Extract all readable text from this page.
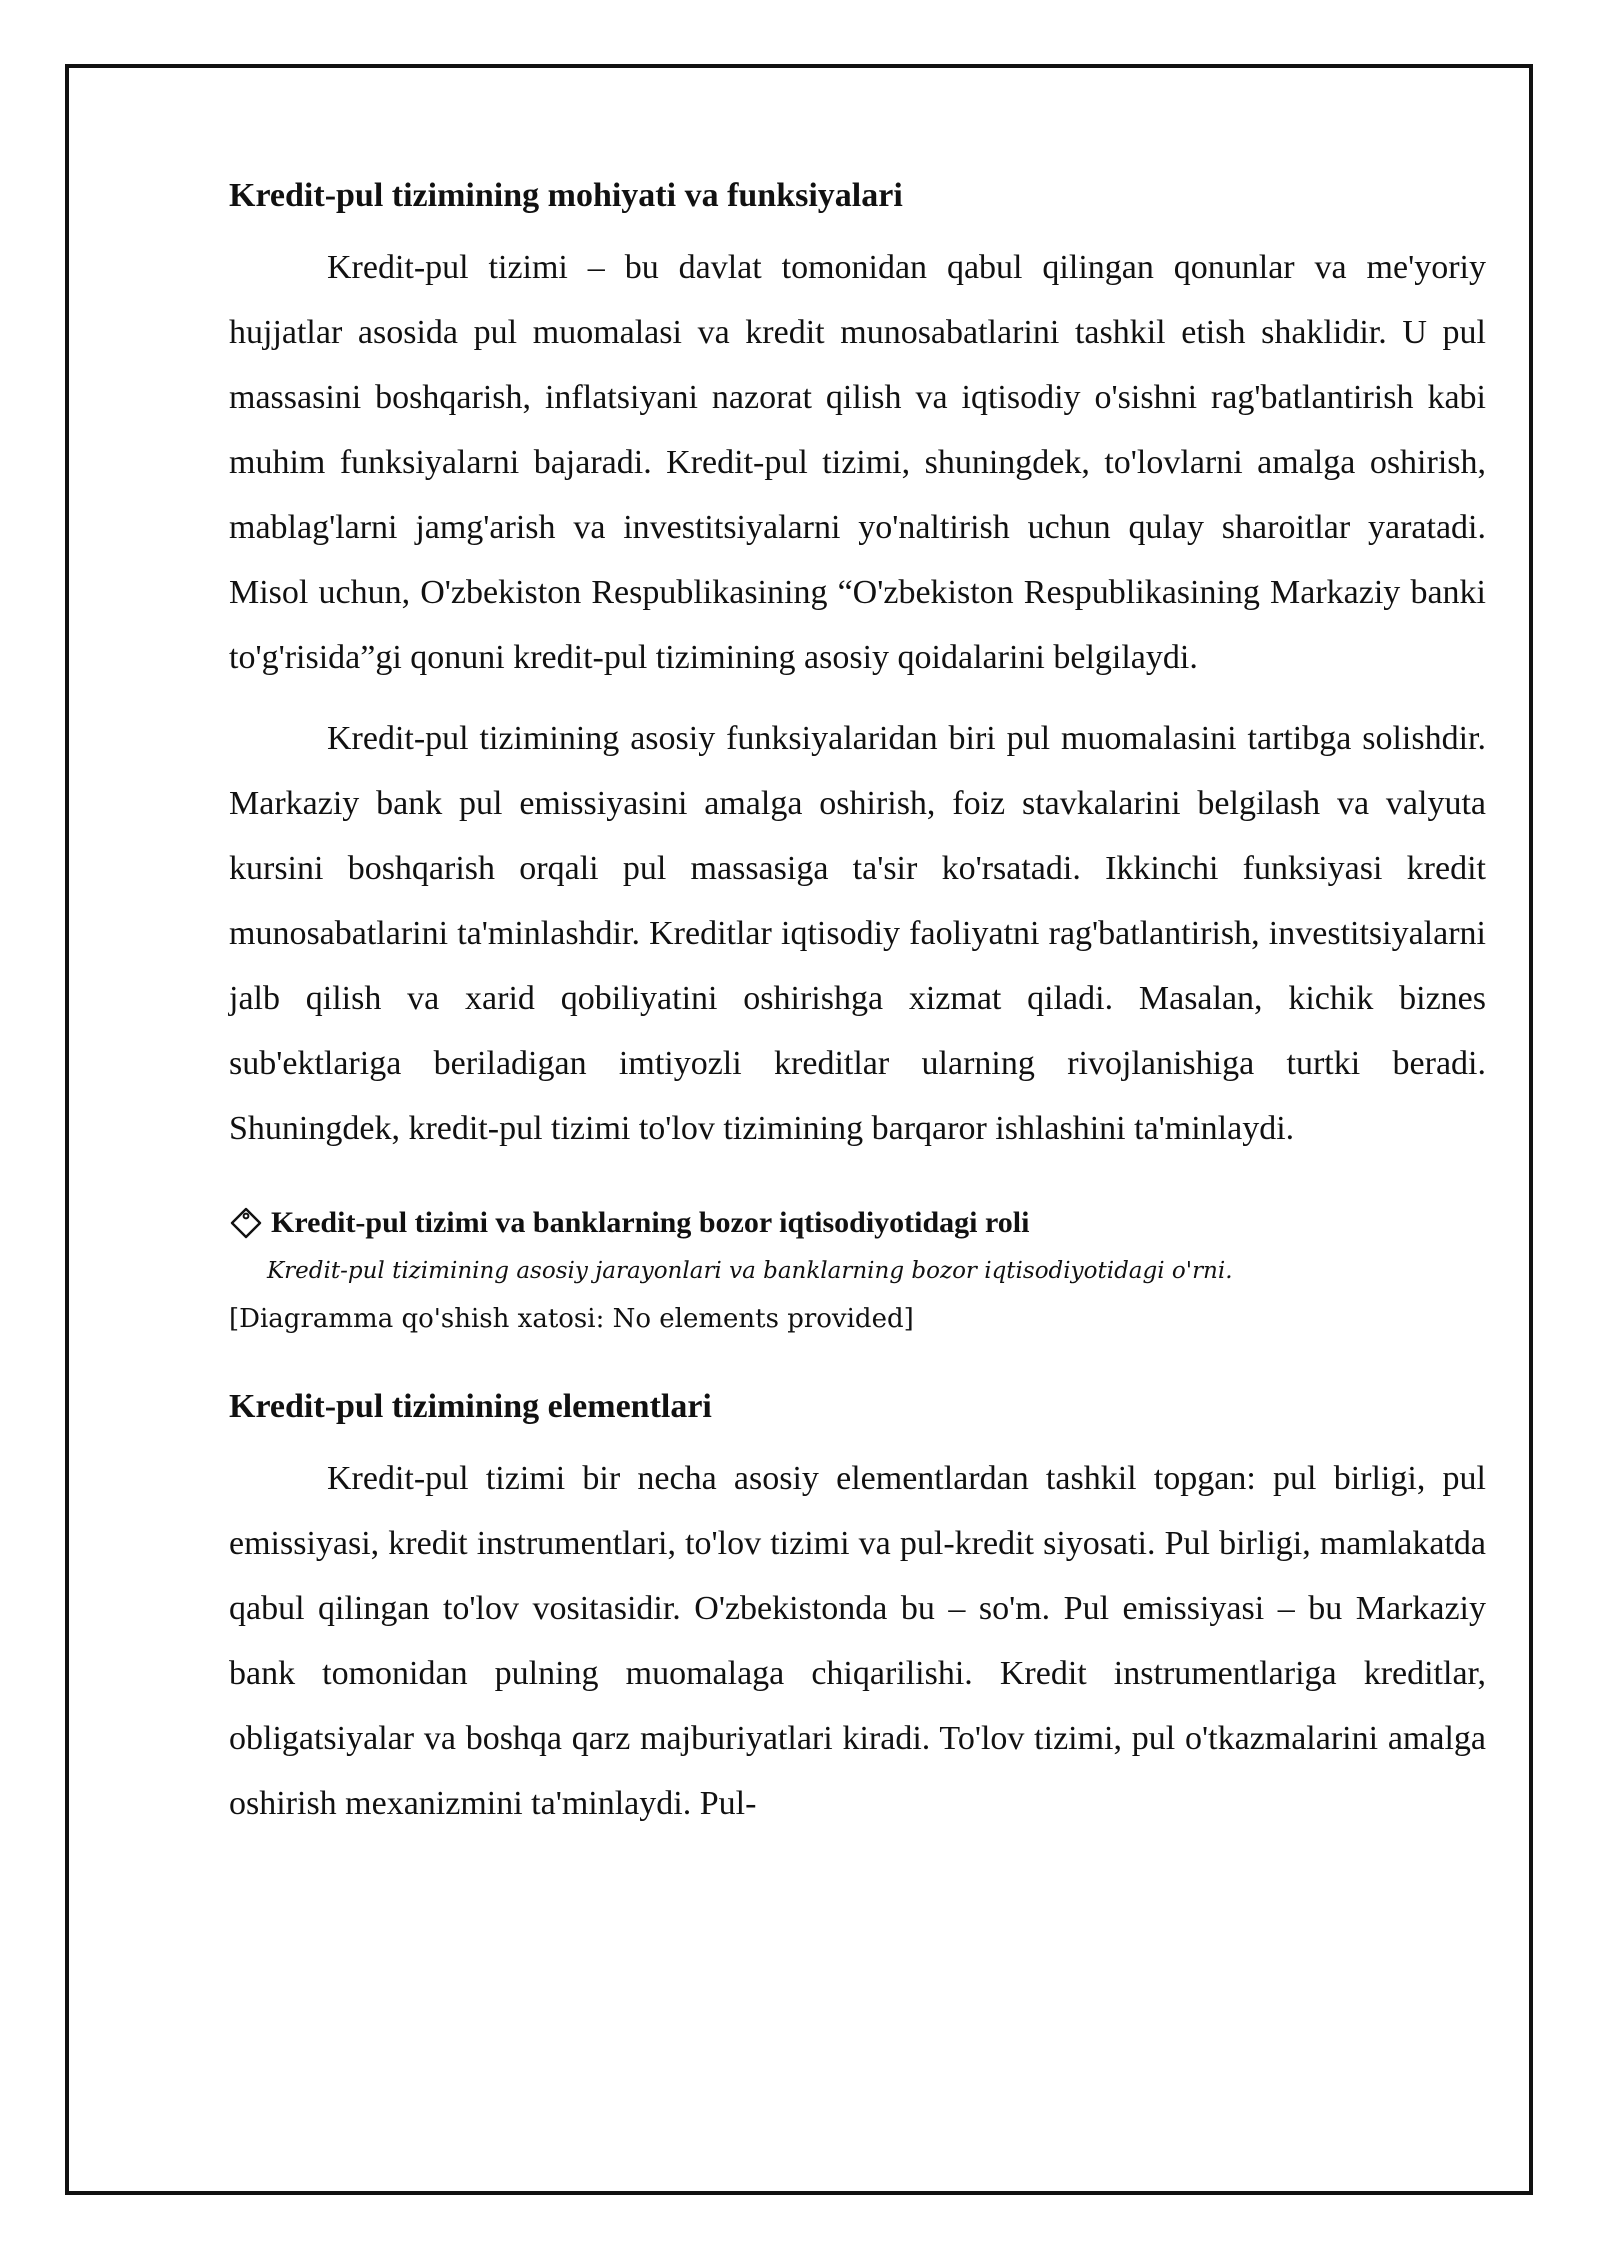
Kredit-pul tizimining mohiyati va funksiyalari

Kredit-pul tizimi – bu davlat tomonidan qabul qilingan qonunlar va me'yoriy hujjatlar asosida pul muomalasi va kredit munosabatlarini tashkil etish shaklidir. U pul massasini boshqarish, inflatsiyani nazorat qilish va iqtisodiy o'sishni rag'batlantirish kabi muhim funksiyalarni bajaradi. Kredit-pul tizimi, shuningdek, to'lovlarni amalga oshirish, mablag'larni jamg'arish va investitsiyalarni yo'naltirish uchun qulay sharoitlar yaratadi. Misol uchun, O'zbekiston Respublikasining “O'zbekiston Respublikasining Markaziy banki to'g'risida”gi qonuni kredit-pul tizimining asosiy qoidalarini belgilaydi.

Kredit-pul tizimining asosiy funksiyalaridan biri pul muomalasini tartibga solishdir. Markaziy bank pul emissiyasini amalga oshirish, foiz stavkalarini belgilash va valyuta kursini boshqarish orqali pul massasiga ta'sir ko'rsatadi. Ikkinchi funksiyasi kredit munosabatlarini ta'minlashdir. Kreditlar iqtisodiy faoliyatni rag'batlantirish, investitsiyalarni jalb qilish va xarid qobiliyatini oshirishga xizmat qiladi. Masalan, kichik biznes sub'ektlariga beriladigan imtiyozli kreditlar ularning rivojlanishiga turtki beradi. Shuningdek, kredit-pul tizimi to'lov tizimining barqaror ishlashini ta'minlaydi.

Kredit-pul tizimi va banklarning bozor iqtisodiyotidagi roli
Kredit-pul tizimining asosiy jarayonlari va banklarning bozor iqtisodiyotidagi o'rni.
[Diagramma qo'shish xatosi: No elements provided]
Kredit-pul tizimining elementlari

Kredit-pul tizimi bir necha asosiy elementlardan tashkil topgan: pul birligi, pul emissiyasi, kredit instrumentlari, to'lov tizimi va pul-kredit siyosati. Pul birligi, mamlakatda qabul qilingan to'lov vositasidir. O'zbekistonda bu – so'm. Pul emissiyasi – bu Markaziy bank tomonidan pulning muomalaga chiqarilishi. Kredit instrumentlariga kreditlar, obligatsiyalar va boshqa qarz majburiyatlari kiradi. To'lov tizimi, pul o'tkazmalarini amalga oshirish mexanizmini ta'minlaydi. Pul-
